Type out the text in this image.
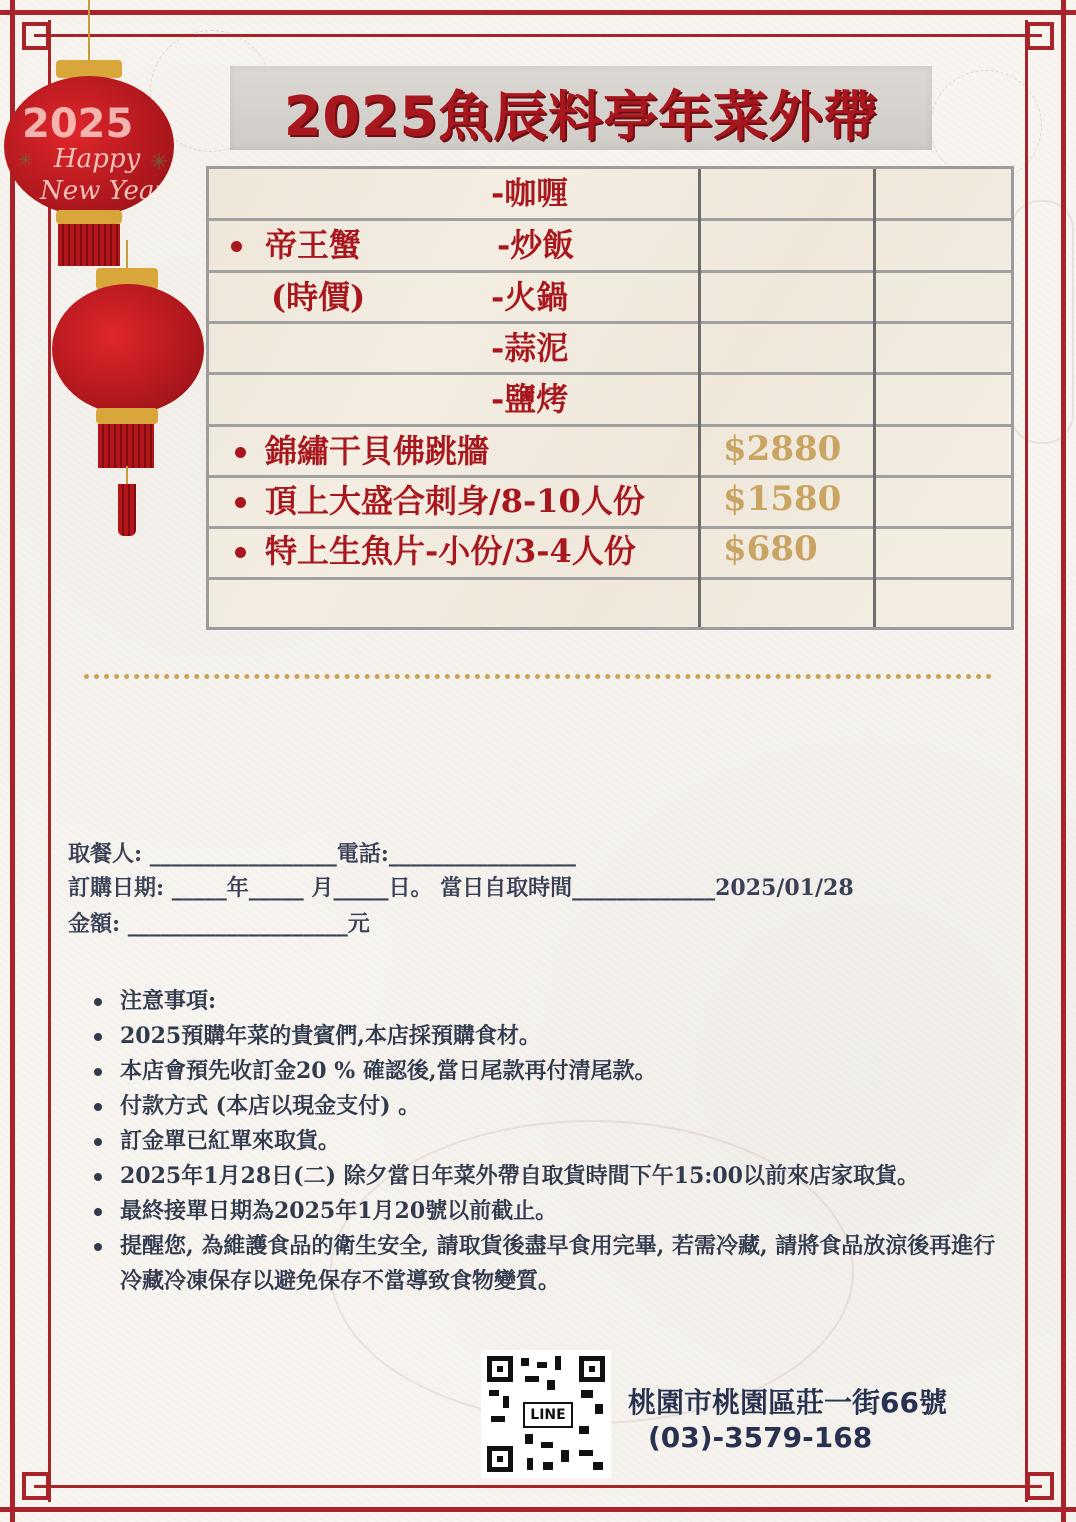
2025
Happy
New Year
✳
✳
2025魚辰料亭年菜外帶
-咖喱
帝王蟹	-炒飯
(時價)	-火鍋
-蒜泥
-鹽烤
錦繡干貝佛跳牆	$2880
頂上大盛合刺身/8-10人份 $1580
特上生魚片-小份/3-4人份	$680
取餐人: _________________電話:_________________
訂購日期: _____年_____ 月_____日。 當日自取時間_____________2025/01/28
金額: ____________________元

注意事項:

2025預購年菜的貴賓們,本店採預購食材。

本店會預先收訂金20 % 確認後,當日尾款再付清尾款。

付款方式 (本店以現金支付) 。

訂金單已紅單來取貨。

2025年1月28日(二) 除夕當日年菜外帶自取貨時間下午15:00以前來店家取貨。

最終接單日期為2025年1月20號以前截止。

提醒您, 為維護食品的衛生安全, 請取貨後盡早食用完畢, 若需冷藏, 請將食品放涼後再進行冷藏冷凍保存以避免保存不當導致食物變質。

LINE 桃園市桃園區莊一街66號
(03)-3579-168
